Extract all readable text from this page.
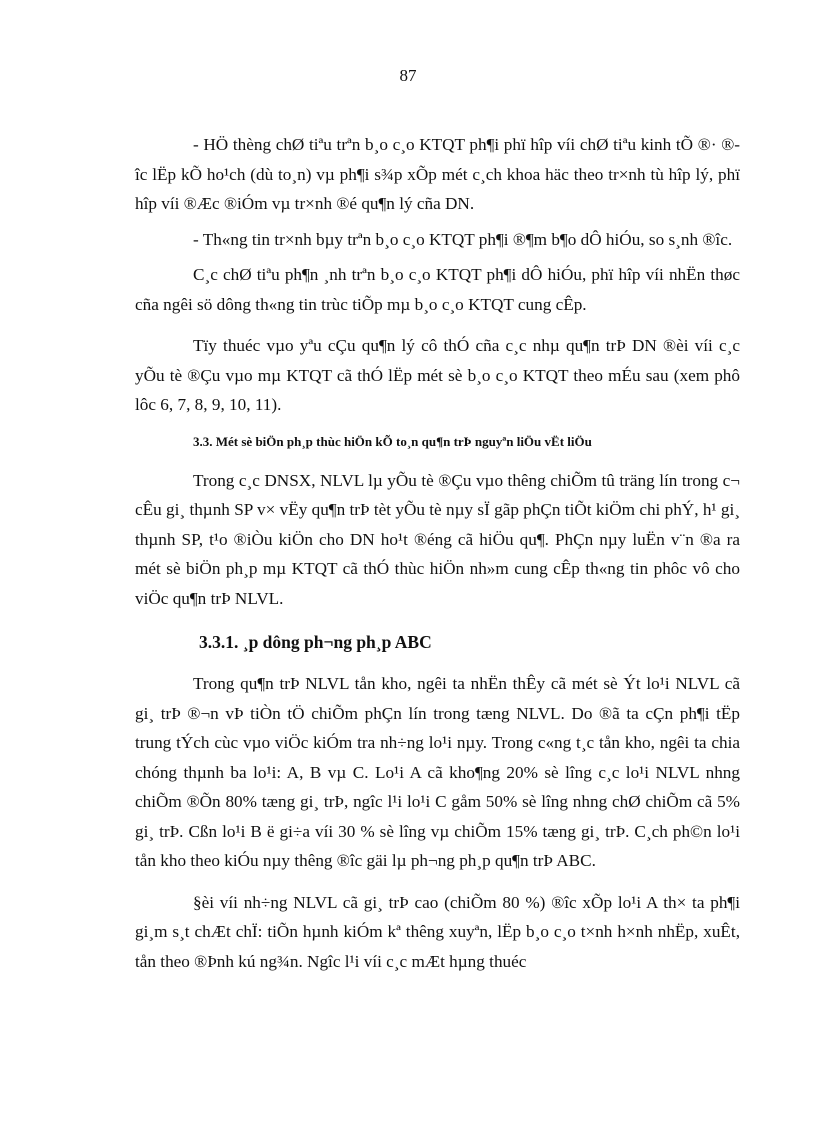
87

- HÖ thèng chØ tiªu trªn b¸o c¸o KTQT ph¶i phï hîp víi chØ tiªu kinh tÕ ®· ®îc lËp kÕ ho¹ch (dù to¸n) vµ ph¶i s¾p xÕp mét c¸ch khoa häc theo tr×nh tù hîp lý, phï hîp víi ®Æc ®iÓm vµ tr×nh ®é qu¶n lý cña DN.

- Th«ng tin tr×nh bµy trªn b¸o c¸o KTQT ph¶i ®¶m b¶o dÔ hiÓu, so s¸nh ®îc.

C¸c chØ tiªu ph¶n ¸nh trªn b¸o c¸o KTQT ph¶i dÔ hiÓu, phï hîp víi nhËn thøc cña ngêi sö dông th«ng tin trùc tiÕp mµ b¸o c¸o KTQT cung cÊp.

Tïy thuéc vµo yªu cÇu qu¶n lý cô thÓ cña c¸c nhµ qu¶n trÞ DN ®èi víi c¸c yÕu tè ®Çu vµo mµ KTQT cã thÓ lËp mét sè b¸o c¸o KTQT theo mÉu sau (xem phô lôc 6, 7, 8, 9, 10, 11).

3.3. Mét sè biÖn ph¸p thùc hiÖn kÕ to¸n qu¶n trÞ nguyªn liÖu vËt liÖu

Trong c¸c DNSX, NLVL lµ yÕu tè ®Çu vµo thêng chiÕm tû träng lín trong c¬ cÊu gi¸ thµnh SP v× vËy qu¶n trÞ tèt yÕu tè nµy sÏ gãp phÇn tiÕt kiÖm chi phÝ, h¹ gi¸ thµnh SP, t¹o ®iÒu kiÖn cho DN ho¹t ®éng cã hiÖu qu¶. PhÇn nµy luËn v¨n ®a ra mét sè biÖn ph¸p mµ KTQT cã thÓ thùc hiÖn nh»m cung cÊp th«ng tin phôc vô cho viÖc qu¶n trÞ NLVL.

3.3.1. ¸p dông ph¬ng ph¸p ABC

Trong qu¶n trÞ NLVL tån kho, ngêi ta nhËn thÊy cã mét sè Ýt lo¹i NLVL cã gi¸ trÞ ®¬n vÞ tiÒn tÖ chiÕm phÇn lín trong tæng NLVL. Do ®ã ta cÇn ph¶i tËp trung tÝch cùc vµo viÖc kiÓm tra nh÷ng lo¹i nµy. Trong c«ng t¸c tån kho, ngêi ta chia chóng thµnh ba lo¹i: A, B vµ C. Lo¹i A cã kho¶ng 20% sè lîng c¸c lo¹i NLVL nhng chiÕm ®Õn 80% tæng gi¸ trÞ, ngîc l¹i lo¹i C gåm 50% sè lîng nhng chØ chiÕm cã 5% gi¸ trÞ. Cßn lo¹i B ë gi÷a víi 30 % sè lîng vµ chiÕm 15% tæng gi¸ trÞ. C¸ch ph©n lo¹i tån kho theo kiÓu nµy thêng ®îc gäi lµ ph¬ng ph¸p qu¶n trÞ ABC.

§èi víi nh÷ng NLVL cã gi¸ trÞ cao (chiÕm 80 %) ®îc xÕp lo¹i A th× ta ph¶i gi¸m s¸t chÆt chÏ: tiÕn hµnh kiÓm kª thêng xuyªn, lËp b¸o c¸o t×nh h×nh nhËp, xuÊt, tån theo ®Þnh kú ng¾n. Ngîc l¹i víi c¸c mÆt hµng thuéc
